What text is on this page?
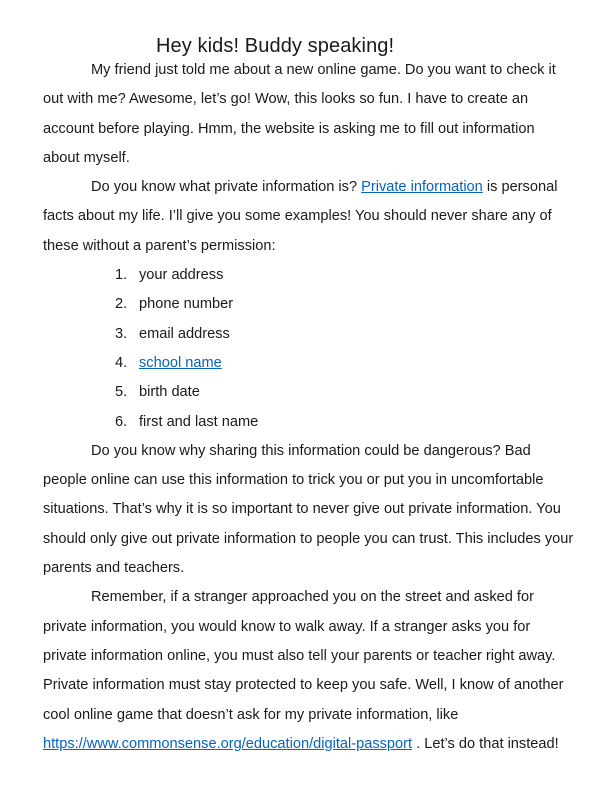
Hey kids! Buddy speaking!

My friend just told me about a new online game. Do you want to check it out with me? Awesome, let’s go! Wow, this looks so fun. I have to create an account before playing. Hmm, the website is asking me to fill out information about myself.

Do you know what private information is? Private information is personal facts about my life. I’ll give you some examples! You should never share any of these without a parent’s permission:

1. your address
2. phone number
3. email address
4. school name
5. birth date
6. first and last name

Do you know why sharing this information could be dangerous? Bad people online can use this information to trick you or put you in uncomfortable situations. That’s why it is so important to never give out private information. You should only give out private information to people you can trust. This includes your parents and teachers.

Remember, if a stranger approached you on the street and asked for private information, you would know to walk away. If a stranger asks you for private information online, you must also tell your parents or teacher right away. Private information must stay protected to keep you safe. Well, I know of another cool online game that doesn’t ask for my private information, like https://www.commonsense.org/education/digital-passport . Let’s do that instead!
